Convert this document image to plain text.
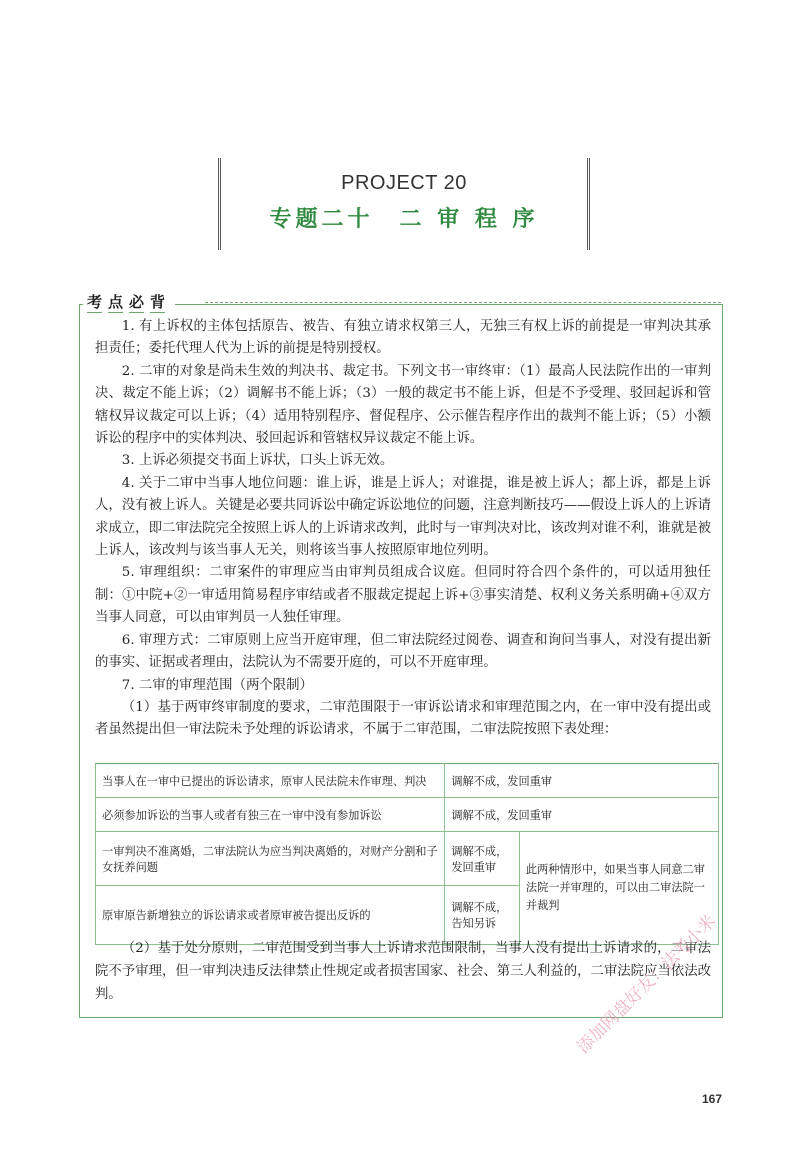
PROJECT 20
专题二十　二 审 程 序
考 点 必 背

1. 有上诉权的主体包括原告、被告、有独立请求权第三人，无独三有权上诉的前提是一审判决其承担责任；委托代理人代为上诉的前提是特别授权。

2. 二审的对象是尚未生效的判决书、裁定书。下列文书一审终审：（1）最高人民法院作出的一审判决、裁定不能上诉；（2）调解书不能上诉；（3）一般的裁定书不能上诉，但是不予受理、驳回起诉和管辖权异议裁定可以上诉；（4）适用特别程序、督促程序、公示催告程序作出的裁判不能上诉；（5）小额诉讼的程序中的实体判决、驳回起诉和管辖权异议裁定不能上诉。

3. 上诉必须提交书面上诉状，口头上诉无效。

4. 关于二审中当事人地位问题：谁上诉，谁是上诉人；对谁提，谁是被上诉人；都上诉，都是上诉人，没有被上诉人。关键是必要共同诉讼中确定诉讼地位的问题，注意判断技巧——假设上诉人的上诉请求成立，即二审法院完全按照上诉人的上诉请求改判，此时与一审判决对比，该改判对谁不利，谁就是被上诉人，该改判与该当事人无关，则将该当事人按照原审地位列明。

5. 审理组织：二审案件的审理应当由审判员组成合议庭。但同时符合四个条件的，可以适用独任制：①中院+②一审适用简易程序审结或者不服裁定提起上诉+③事实清楚、权利义务关系明确+④双方当事人同意，可以由审判员一人独任审理。

6. 审理方式：二审原则上应当开庭审理，但二审法院经过阅卷、调查和询问当事人，对没有提出新的事实、证据或者理由，法院认为不需要开庭的，可以不开庭审理。

7. 二审的审理范围（两个限制）

（1）基于两审终审制度的要求，二审范围限于一审诉讼请求和审理范围之内，在一审中没有提出或者虽然提出但一审法院未予处理的诉讼请求，不属于二审范围，二审法院按照下表处理：

当事人在一审中已提出的诉讼请求，原审人民法院未作审理、判决	调解不成，发回重审	
必须参加诉讼的当事人或者有独三在一审中没有参加诉讼	调解不成，发回重审	
一审判决不准离婚，二审法院认为应当判决离婚的，对财产分割和子女抚养问题	调解不成，发回重审	此两种情形中，如果当事人同意二审法院一并审理的，可以由二审法院一并裁判
原审原告新增独立的诉讼请求或者原审被告提出反诉的	调解不成，告知另诉	

（2）基于处分原则，二审范围受到当事人上诉请求范围限制，当事人没有提出上诉请求的，二审法院不予审理，但一审判决违反法律禁止性规定或者损害国家、社会、第三人利益的，二审法院应当依法改判。	添加网盘好友：法考小米
167
